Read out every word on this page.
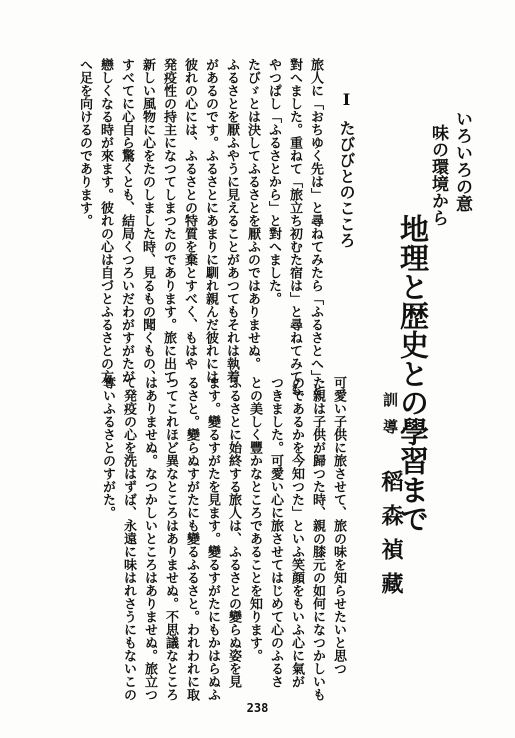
いろいろの意
味の環境から
地理と歴史との學習まで
訓導
稻森禎藏
I
たびびとのこころ
旅人に「おちゆく先は」と尋ねてみたら「ふるさとへ」と
對へました。重ねて「旅立ち初むた宿は」と尋ねてみても
やつぱし「ふるさとから」と對へました。
たびゞとは決してふるさとを厭ふのではありませぬ。
ふるさとを厭ふやうに見えることがあつてもそれは執着
があるのです。ふるさとにあまりに馴れ親んだ彼れには
彼れの心には、ふるさとの特質を棄とすべく、もはや
発疫性の持主になつてしまつたのであります。旅に出て
新しい風物に心をたのしました時、見るもの聞くもの、
すべてに心自ら驚くとも、結局くつろいだわがすがたが
戀しくなる時が來ます。彼れの心は自づとふるさとの方
へ足を向けるのであります。
可愛い子供に旅させて、旅の味を知らせたいと思つ
た親は子供が歸つた時、親の膝元の如何になつかしいも
のであるかを今知つた」といふ笑顔をもいふ心に氣が
つきました。可愛い心に旅させてはじめて心のふるさ
との美しく豐かなところであることを知ります。
ふるさとに始終する旅人は、ふるさとの變らぬ姿を見
ます。變るすがたを見ます。變るすがたにもかはらぬふ
るさと。變らぬすがたにも變るふるさと。われわれに取
つてこれほど異なところはありませぬ。不思議なところ
はありませぬ。なつかしいところはありませぬ。旅立つ
て発疫の心を洗はずば、永遠に味はれさうにもないこの
奪いふるさとのすがた。
238
